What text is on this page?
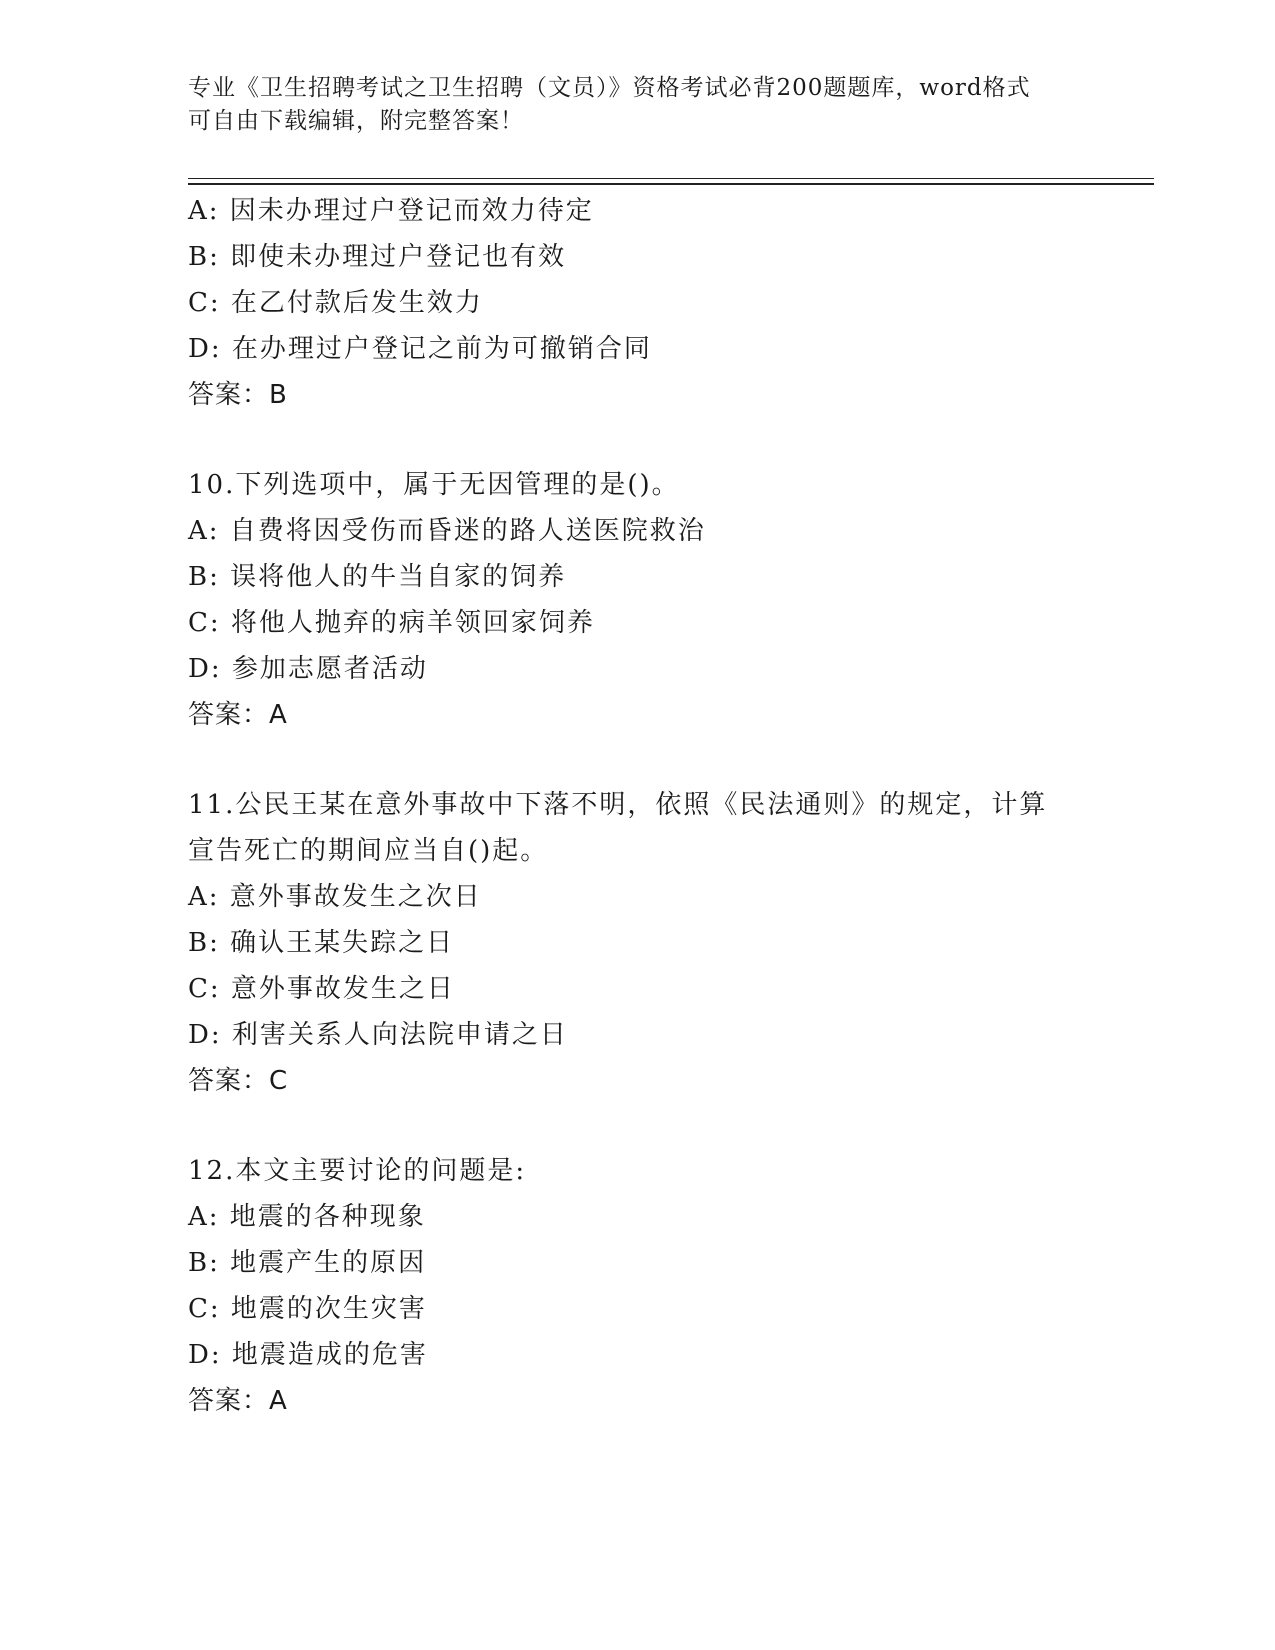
专业《卫生招聘考试之卫生招聘（文员）》资格考试必背200题题库，word格式
可自由下载编辑，附完整答案！
A: 因未办理过户登记而效力待定
B: 即使未办理过户登记也有效
C: 在乙付款后发生效力
D: 在办理过户登记之前为可撤销合同
答案：B
10.下列选项中，属于无因管理的是()。
A: 自费将因受伤而昏迷的路人送医院救治
B: 误将他人的牛当自家的饲养
C: 将他人抛弃的病羊领回家饲养
D: 参加志愿者活动
答案：A
11.公民王某在意外事故中下落不明，依照《民法通则》的规定，计算
宣告死亡的期间应当自()起。
A: 意外事故发生之次日
B: 确认王某失踪之日
C: 意外事故发生之日
D: 利害关系人向法院申请之日
答案：C
12.本文主要讨论的问题是:
A: 地震的各种现象
B: 地震产生的原因
C: 地震的次生灾害
D: 地震造成的危害
答案：A
